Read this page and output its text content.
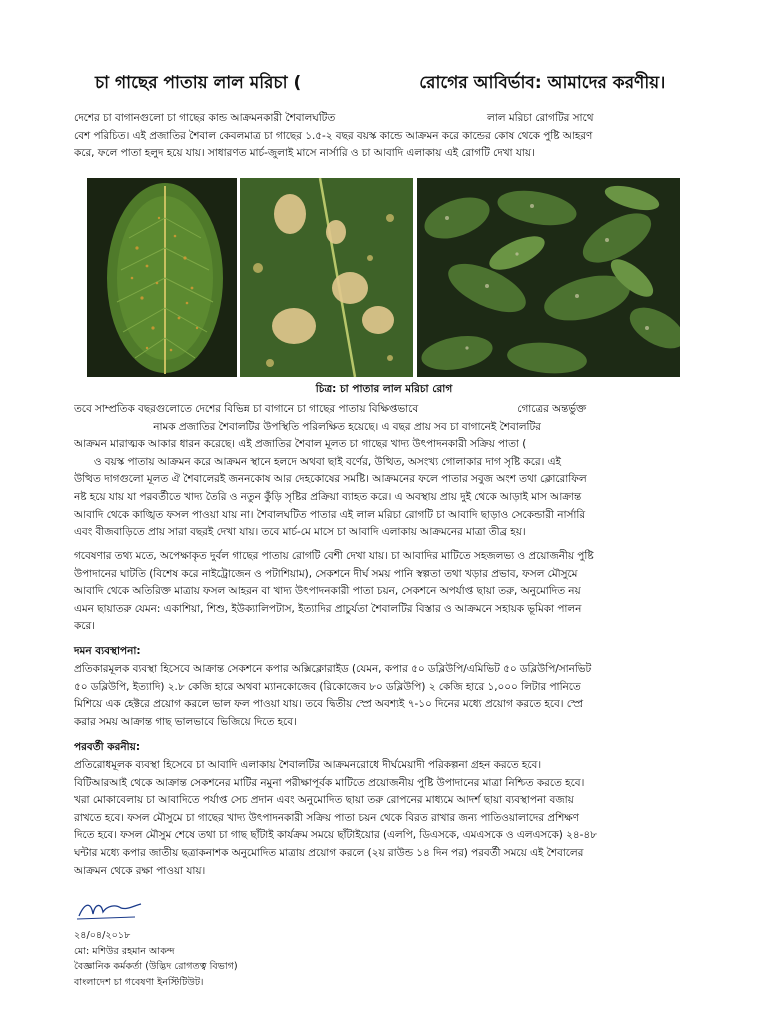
চা গাছের পাতায় লাল মরিচা (	রোগের আবির্ভাব: আমাদের করণীয়।
দেশের চা বাগানগুলো চা গাছের কান্ড আক্রমনকারী শৈবালঘটিত                                              লাল মরিচা রোগটির সাথে
বেশ পরিচিত। এই প্রজাতির শৈবাল কেবলমাত্র চা গাছের ১.৫-২ বছর বয়স্ক কান্ডে আক্রমন করে কান্ডের কোষ থেকে পুষ্টি আহরণ
করে, ফলে পাতা হলুদ হয়ে যায়। সাধারণত মার্চ-জুলাই মাসে নার্সারি ও চা আবাদি এলাকায় এই রোগটি দেখা যায়।
চিত্র: চা পাতার লাল মরিচা রোগ
তবে সাম্প্রতিক বছরগুলোতে দেশের বিভিন্ন চা বাগানে চা গাছের পাতায় বিক্ষিপ্তভাবে                              গোত্রের অন্তর্ভুক্ত
নামক প্রজাতির শৈবালটির উপস্থিতি পরিলক্ষিত হয়েছে। এ বছর প্রায় সব চা বাগানেই শৈবালটির
আক্রমন মারাত্মক আকার ধারন করেছে। এই প্রজাতির শৈবাল মূলত চা গাছের খাদ্য উৎপাদনকারী সক্রিয় পাতা (
ও বয়স্ক পাতায় আক্রমন করে আক্রমন স্থানে হলদে অথবা ছাই বর্ণের, উত্থিত, অসংখ্য গোলাকার দাগ সৃষ্টি করে। এই
উত্থিত দাগগুলো মূলত ঐ শৈবালেরই জননকোষ আর দেহকোষের সমষ্টি। আক্রমনের ফলে পাতার সবুজ অংশ তথা ক্লোরোফিল
নষ্ট হয়ে যায় যা পরবর্তীতে খাদ্য তৈরি ও নতুন কুঁড়ি সৃষ্টির প্রক্রিয়া ব্যাহত করে। এ অবস্থায় প্রায় দুই থেকে আড়াই মাস আক্রান্ত
আবাদি থেকে কাঙ্খিত ফসল পাওয়া যায় না। শৈবালঘটিত পাতার এই লাল মরিচা রোগটি চা আবাদি ছাড়াও সেকেন্ডারী নার্সারি
এবং বীজবাড়িতে প্রায় সারা বছরই দেখা যায়। তবে মার্চ-মে মাসে চা আবাদি এলাকায় আক্রমনের মাত্রা তীব্র হয়।
গবেষণার তথ্য মতে, অপেক্ষাকৃত দুর্বল গাছের পাতায় রোগটি বেশী দেখা যায়। চা আবাদির মাটিতে সহজলভ্য ও প্রয়োজনীয় পুষ্টি
উপাদানের ঘাটতি (বিশেষ করে নাইট্রোজেন ও পটাশিয়াম), সেকশনে দীর্ঘ সময় পানি স্বল্পতা তথা খড়ার প্রভাব, ফসল মৌসুমে
আবাদি থেকে অতিরিক্ত মাত্রায় ফসল আহরন বা খাদ্য উৎপাদনকারী পাতা চয়ন, সেকশনে অপর্যাপ্ত ছায়া তরু, অনুমোদিত নয়
এমন ছায়াতরু যেমন: একাশিয়া, শিশু, ইউক্যালিপটাস, ইত্যাদির প্রাচুর্যতা শৈবালটির বিস্তার ও আক্রমনে সহায়ক ভূমিকা পালন
করে।
দমন ব্যবস্থাপনা:
প্রতিকারমূলক ব্যবস্থা হিসেবে আক্রান্ত সেকশনে কপার অক্সিক্লোরাইড (যেমন, কপার ৫০ ডব্লিউপি/এমিভিট ৫০ ডব্লিউপি/সানভিট
৫০ ডব্লিউপি, ইত্যাদি) ২.৮ কেজি হারে অথবা ম্যানকোজেব (রিকোজেব ৮০ ডব্লিউপি) ২ কেজি হারে ১,০০০ লিটার পানিতে
মিশিয়ে এক হেক্টরে প্রয়োগ করলে ভাল ফল পাওয়া যায়। তবে দ্বিতীয় স্প্রে অবশ্যই ৭-১০ দিনের মধ্যে প্রয়োগ করতে হবে। স্প্রে
করার সময় আক্রান্ত গাছ ভালভাবে ভিজিয়ে দিতে হবে।
পরবর্তী করনীয়:
প্রতিরোধমূলক ব্যবস্থা হিসেবে চা আবাদি এলাকায় শৈবালটির আক্রমনরোধে দীর্ঘমেয়াদী পরিকল্পনা গ্রহন করতে হবে।
বিটিআরআই থেকে আক্রান্ত সেকশনের মাটির নমুনা পরীক্ষাপূর্বক মাটিতে প্রয়োজনীয় পুষ্টি উপাদানের মাত্রা নিশ্চিত করতে হবে।
খরা মোকাবেলায় চা আবাদিতে পর্যাপ্ত সেচ প্রদান এবং অনুমোদিত ছায়া তরু রোপনের মাধ্যমে আদর্শ ছায়া ব্যবস্থাপনা বজায়
রাখতে হবে। ফসল মৌসুমে চা গাছের খাদ্য উৎপাদনকারী সক্রিয় পাতা চয়ন থেকে বিরত রাখার জন্য পাতিওয়ালাদের প্রশিক্ষণ
দিতে হবে। ফসল মৌসুম শেষে তথা চা গাছ ছাঁটাই কার্যক্রম সময়ে ছাঁটাইয়োর (এলপি, ডিএসকে, এমএসকে ও এলএসকে) ২৪-৪৮
ঘন্টার মধ্যে কপার জাতীয় ছত্রাকনাশক অনুমোদিত মাত্রায় প্রয়োগ করলে (২য় রাউন্ড ১৪ দিন পর) পরবর্তী সময়ে এই শৈবালের
আক্রমন থেকে রক্ষা পাওয়া যায়।
২৪/০৪/২০১৮
মো: মশিউর রহমান আকন্দ
বৈজ্ঞানিক কর্মকর্তা (উদ্ভিদ রোগতত্ব বিভাগ)
বাংলাদেশ চা গবেষণা ইনস্টিটিউট।
